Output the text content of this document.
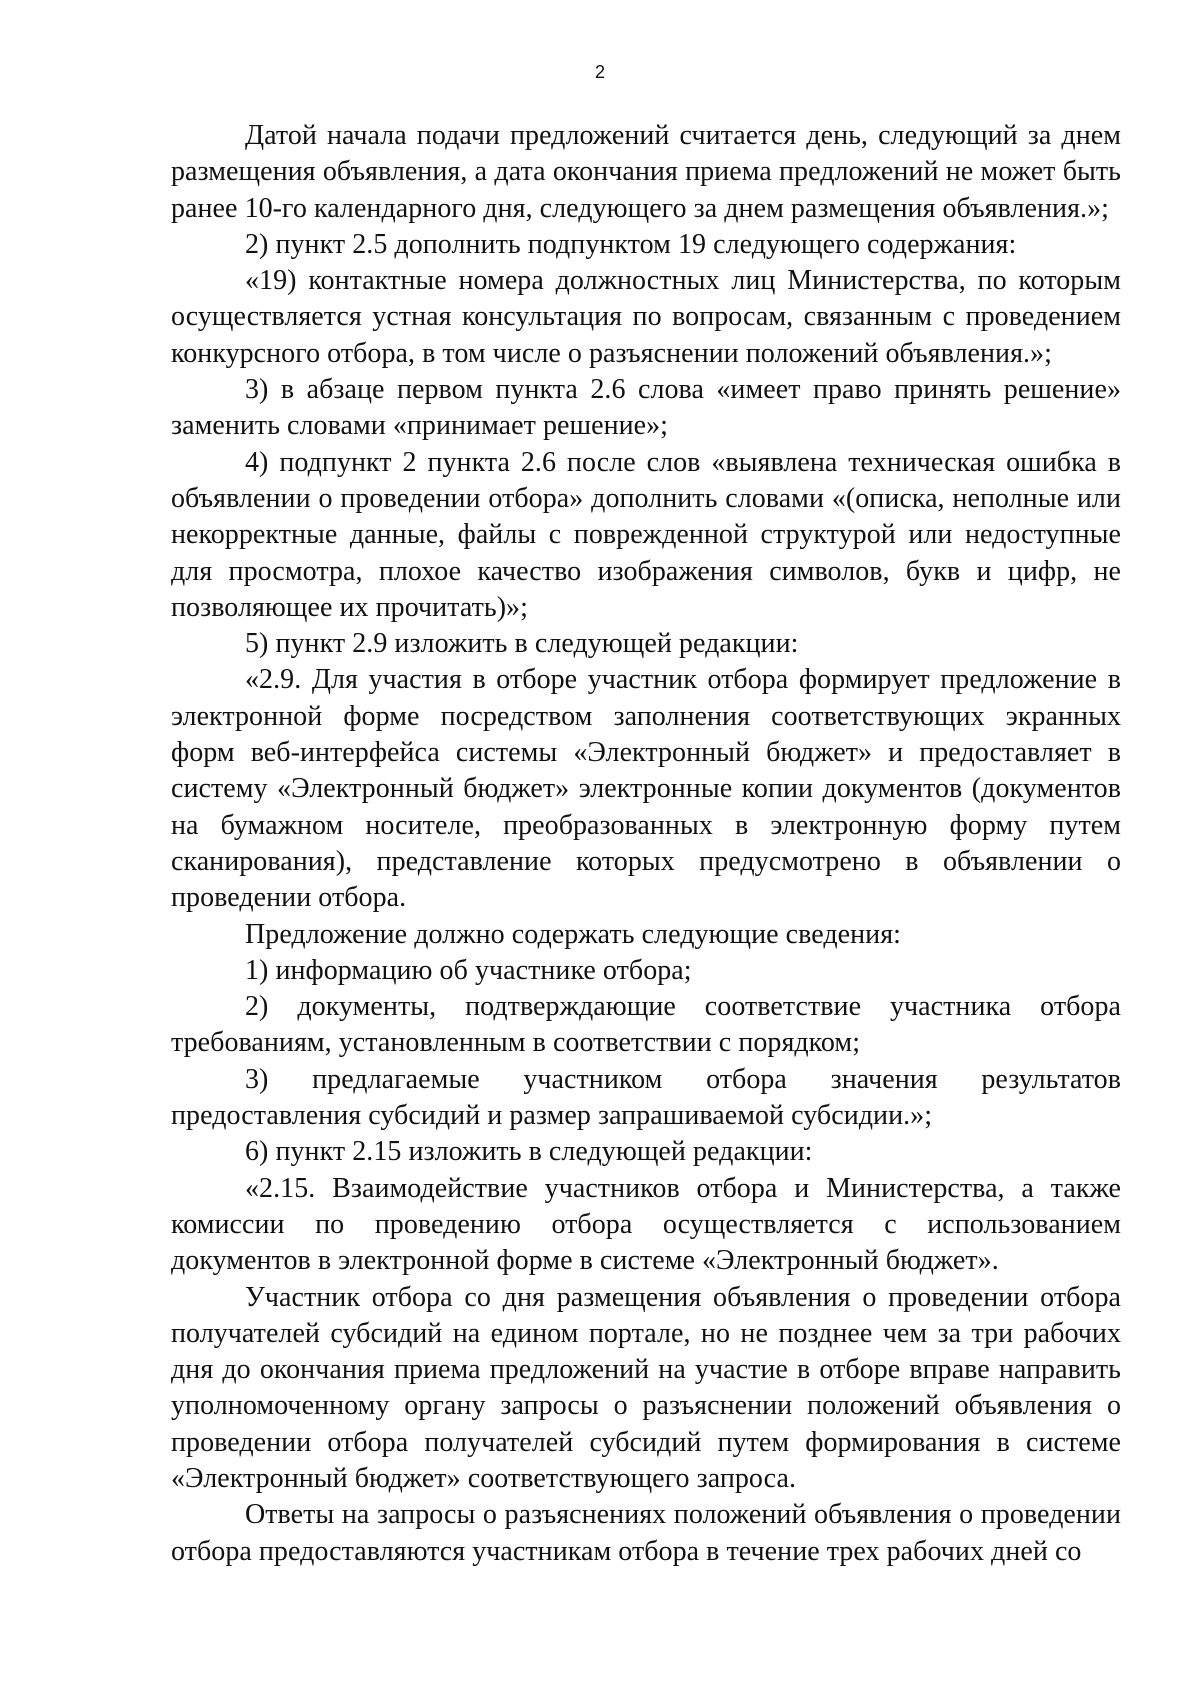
2

Датой начала подачи предложений считается день, следующий за днем размещения объявления, а дата окончания приема предложений не может быть ранее 10-го календарного дня, следующего за днем размещения объявления.»;

2) пункт 2.5 дополнить подпунктом 19 следующего содержания:

«19) контактные номера должностных лиц Министерства, по которым осуществляется устная консультация по вопросам, связанным с проведением конкурсного отбора, в том числе о разъяснении положений объявления.»;

3) в абзаце первом пункта 2.6 слова «имеет право принять решение» заменить словами «принимает решение»;

4) подпункт 2 пункта 2.6 после слов «выявлена техническая ошибка в объявлении о проведении отбора» дополнить словами «(описка, неполные или некорректные данные, файлы с поврежденной структурой или недоступные для просмотра, плохое качество изображения символов, букв и цифр, не позволяющее их прочитать)»;

5) пункт 2.9 изложить в следующей редакции:

«2.9. Для участия в отборе участник отбора формирует предложение в электронной форме посредством заполнения соответствующих экранных форм веб-интерфейса системы «Электронный бюджет» и предоставляет в систему «Электронный бюджет» электронные копии документов (документов на бумажном носителе, преобразованных в электронную форму путем сканирования), представление которых предусмотрено в объявлении о проведении отбора.

Предложение должно содержать следующие сведения:

1) информацию об участнике отбора;

2) документы, подтверждающие соответствие участника отбора требованиям, установленным в соответствии с порядком;

3) предлагаемые участником отбора значения результатов предоставления субсидий и размер запрашиваемой субсидии.»;

6) пункт 2.15 изложить в следующей редакции:

«2.15. Взаимодействие участников отбора и Министерства, а также комиссии по проведению отбора осуществляется с использованием документов в электронной форме в системе «Электронный бюджет».

Участник отбора со дня размещения объявления о проведении отбора получателей субсидий на едином портале, но не позднее чем за три рабочих дня до окончания приема предложений на участие в отборе вправе направить уполномоченному органу запросы о разъяснении положений объявления о проведении отбора получателей субсидий путем формирования в системе «Электронный бюджет» соответствующего запроса.

Ответы на запросы о разъяснениях положений объявления о проведении отбора предоставляются участникам отбора в течение трех рабочих дней со
